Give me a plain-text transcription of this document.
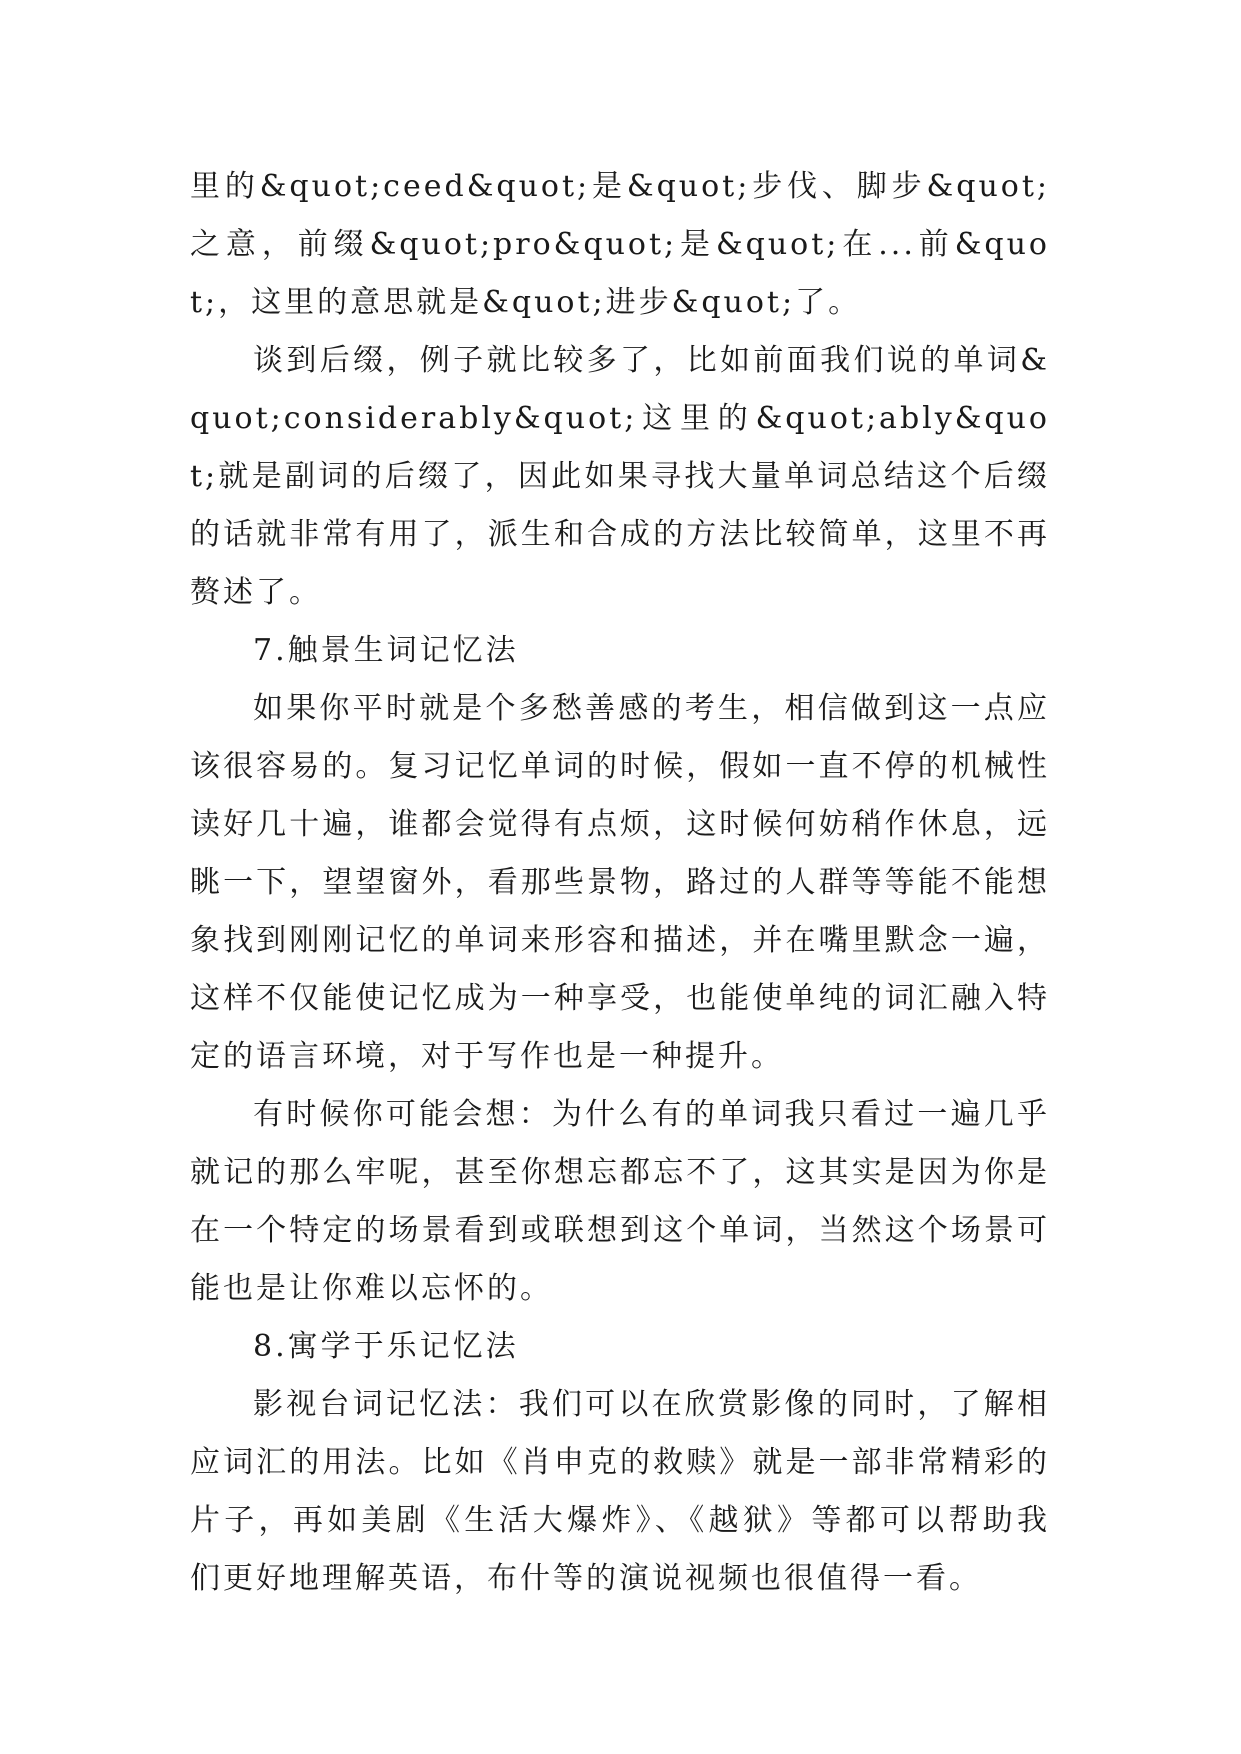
里的&quot;ceed&quot;是&quot;步伐、脚步&quot;之意，前缀&quot;pro&quot;是&quot;在...前&quot;，这里的意思就是&quot;进步&quot;了。

谈到后缀，例子就比较多了，比如前面我们说的单词&quot;considerably&quot;这里的&quot;ably&quot;就是副词的后缀了，因此如果寻找大量单词总结这个后缀的话就非常有用了，派生和合成的方法比较简单，这里不再赘述了。

7.触景生词记忆法

如果你平时就是个多愁善感的考生，相信做到这一点应该很容易的。复习记忆单词的时候，假如一直不停的机械性读好几十遍，谁都会觉得有点烦，这时候何妨稍作休息，远眺一下，望望窗外，看那些景物，路过的人群等等能不能想象找到刚刚记忆的单词来形容和描述，并在嘴里默念一遍，这样不仅能使记忆成为一种享受，也能使单纯的词汇融入特定的语言环境，对于写作也是一种提升。

有时候你可能会想：为什么有的单词我只看过一遍几乎就记的那么牢呢，甚至你想忘都忘不了，这其实是因为你是在一个特定的场景看到或联想到这个单词，当然这个场景可能也是让你难以忘怀的。

8.寓学于乐记忆法

影视台词记忆法：我们可以在欣赏影像的同时，了解相应词汇的用法。比如《肖申克的救赎》就是一部非常精彩的片子，再如美剧《生活大爆炸》、《越狱》等都可以帮助我们更好地理解英语，布什等的演说视频也很值得一看。
